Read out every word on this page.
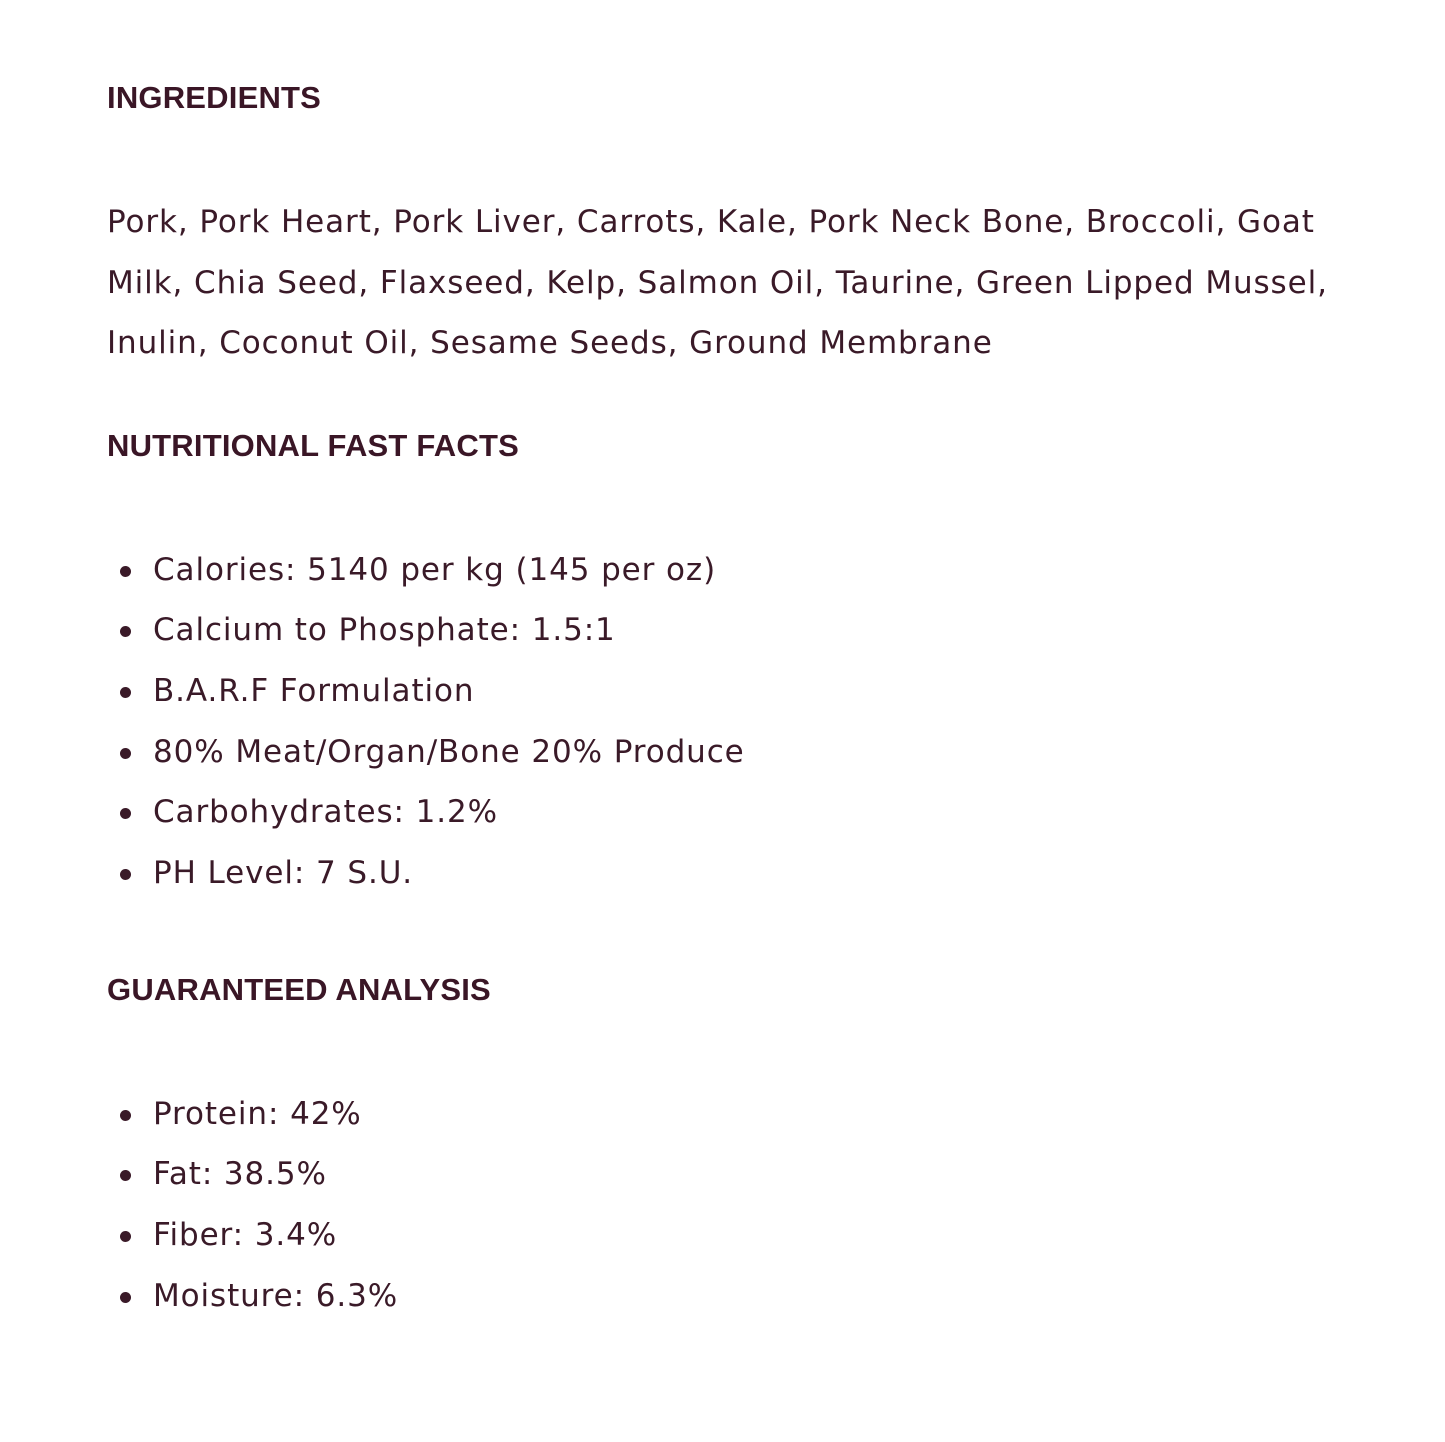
INGREDIENTS

Pork, Pork Heart, Pork Liver, Carrots, Kale, Pork Neck Bone, Broccoli, Goat Milk, Chia Seed, Flaxseed, Kelp, Salmon Oil, Taurine, Green Lipped Mussel, Inulin, Coconut Oil, Sesame Seeds, Ground Membrane

NUTRITIONAL FAST FACTS
Calories: 5140 per kg (145 per oz)
Calcium to Phosphate: 1.5:1
B.A.R.F Formulation
80% Meat/Organ/Bone 20% Produce
Carbohydrates: 1.2%
PH Level: 7 S.U.
GUARANTEED ANALYSIS
Protein: 42%
Fat: 38.5%
Fiber: 3.4%
Moisture: 6.3%
